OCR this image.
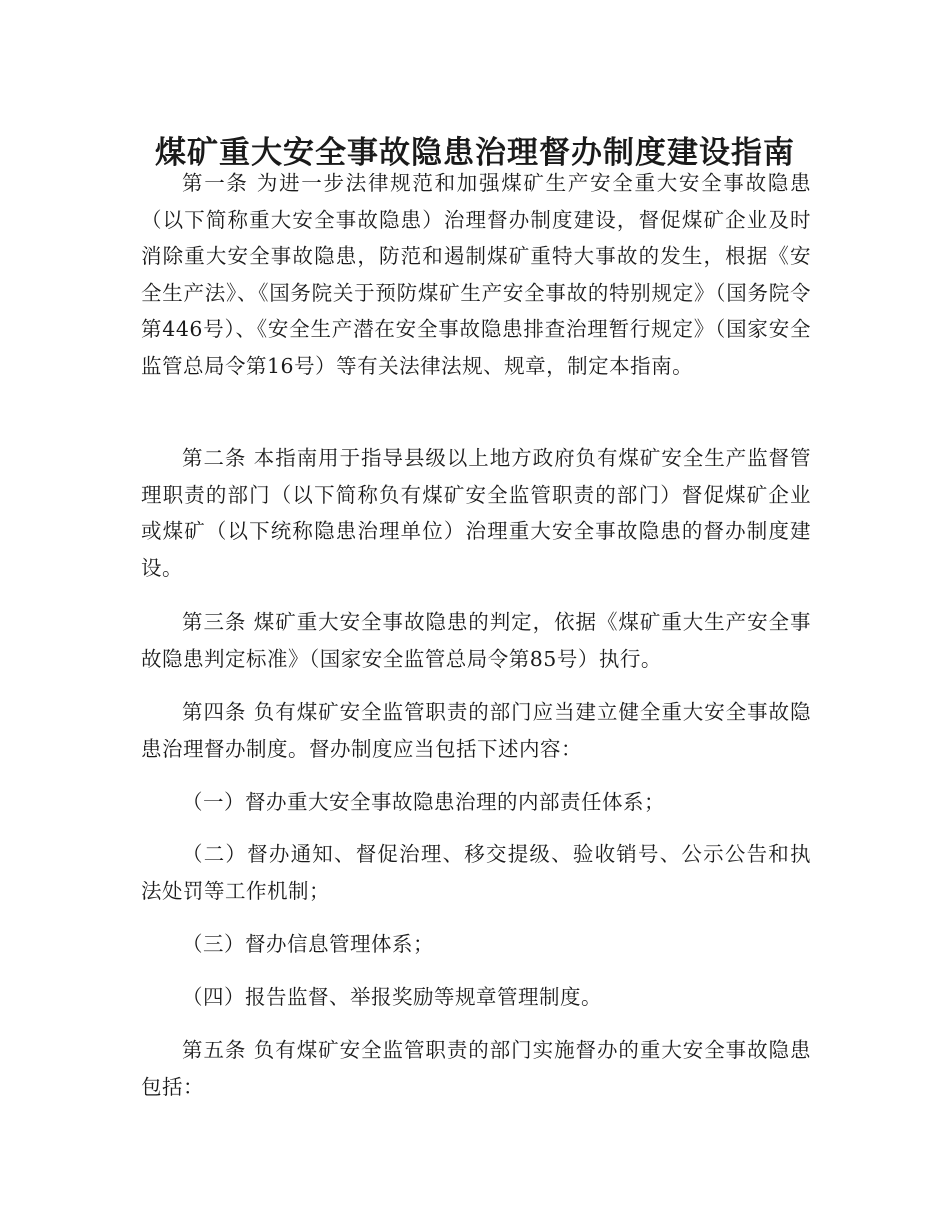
煤矿重大安全事故隐患治理督办制度建设指南

第一条 为进一步法律规范和加强煤矿生产安全重大安全事故隐患（以下简称重大安全事故隐患）治理督办制度建设，督促煤矿企业及时消除重大安全事故隐患，防范和遏制煤矿重特大事故的发生，根据《安全生产法》、《国务院关于预防煤矿生产安全事故的特别规定》（国务院令第446号）、《安全生产潜在安全事故隐患排查治理暂行规定》（国家安全监管总局令第16号）等有关法律法规、规章，制定本指南。

第二条 本指南用于指导县级以上地方政府负有煤矿安全生产监督管理职责的部门（以下简称负有煤矿安全监管职责的部门）督促煤矿企业或煤矿（以下统称隐患治理单位）治理重大安全事故隐患的督办制度建设。

第三条 煤矿重大安全事故隐患的判定，依据《煤矿重大生产安全事故隐患判定标准》（国家安全监管总局令第85号）执行。

第四条 负有煤矿安全监管职责的部门应当建立健全重大安全事故隐患治理督办制度。督办制度应当包括下述内容：

（一）督办重大安全事故隐患治理的内部责任体系；

（二）督办通知、督促治理、移交提级、验收销号、公示公告和执法处罚等工作机制；

（三）督办信息管理体系；

（四）报告监督、举报奖励等规章管理制度。

第五条 负有煤矿安全监管职责的部门实施督办的重大安全事故隐患包括：
